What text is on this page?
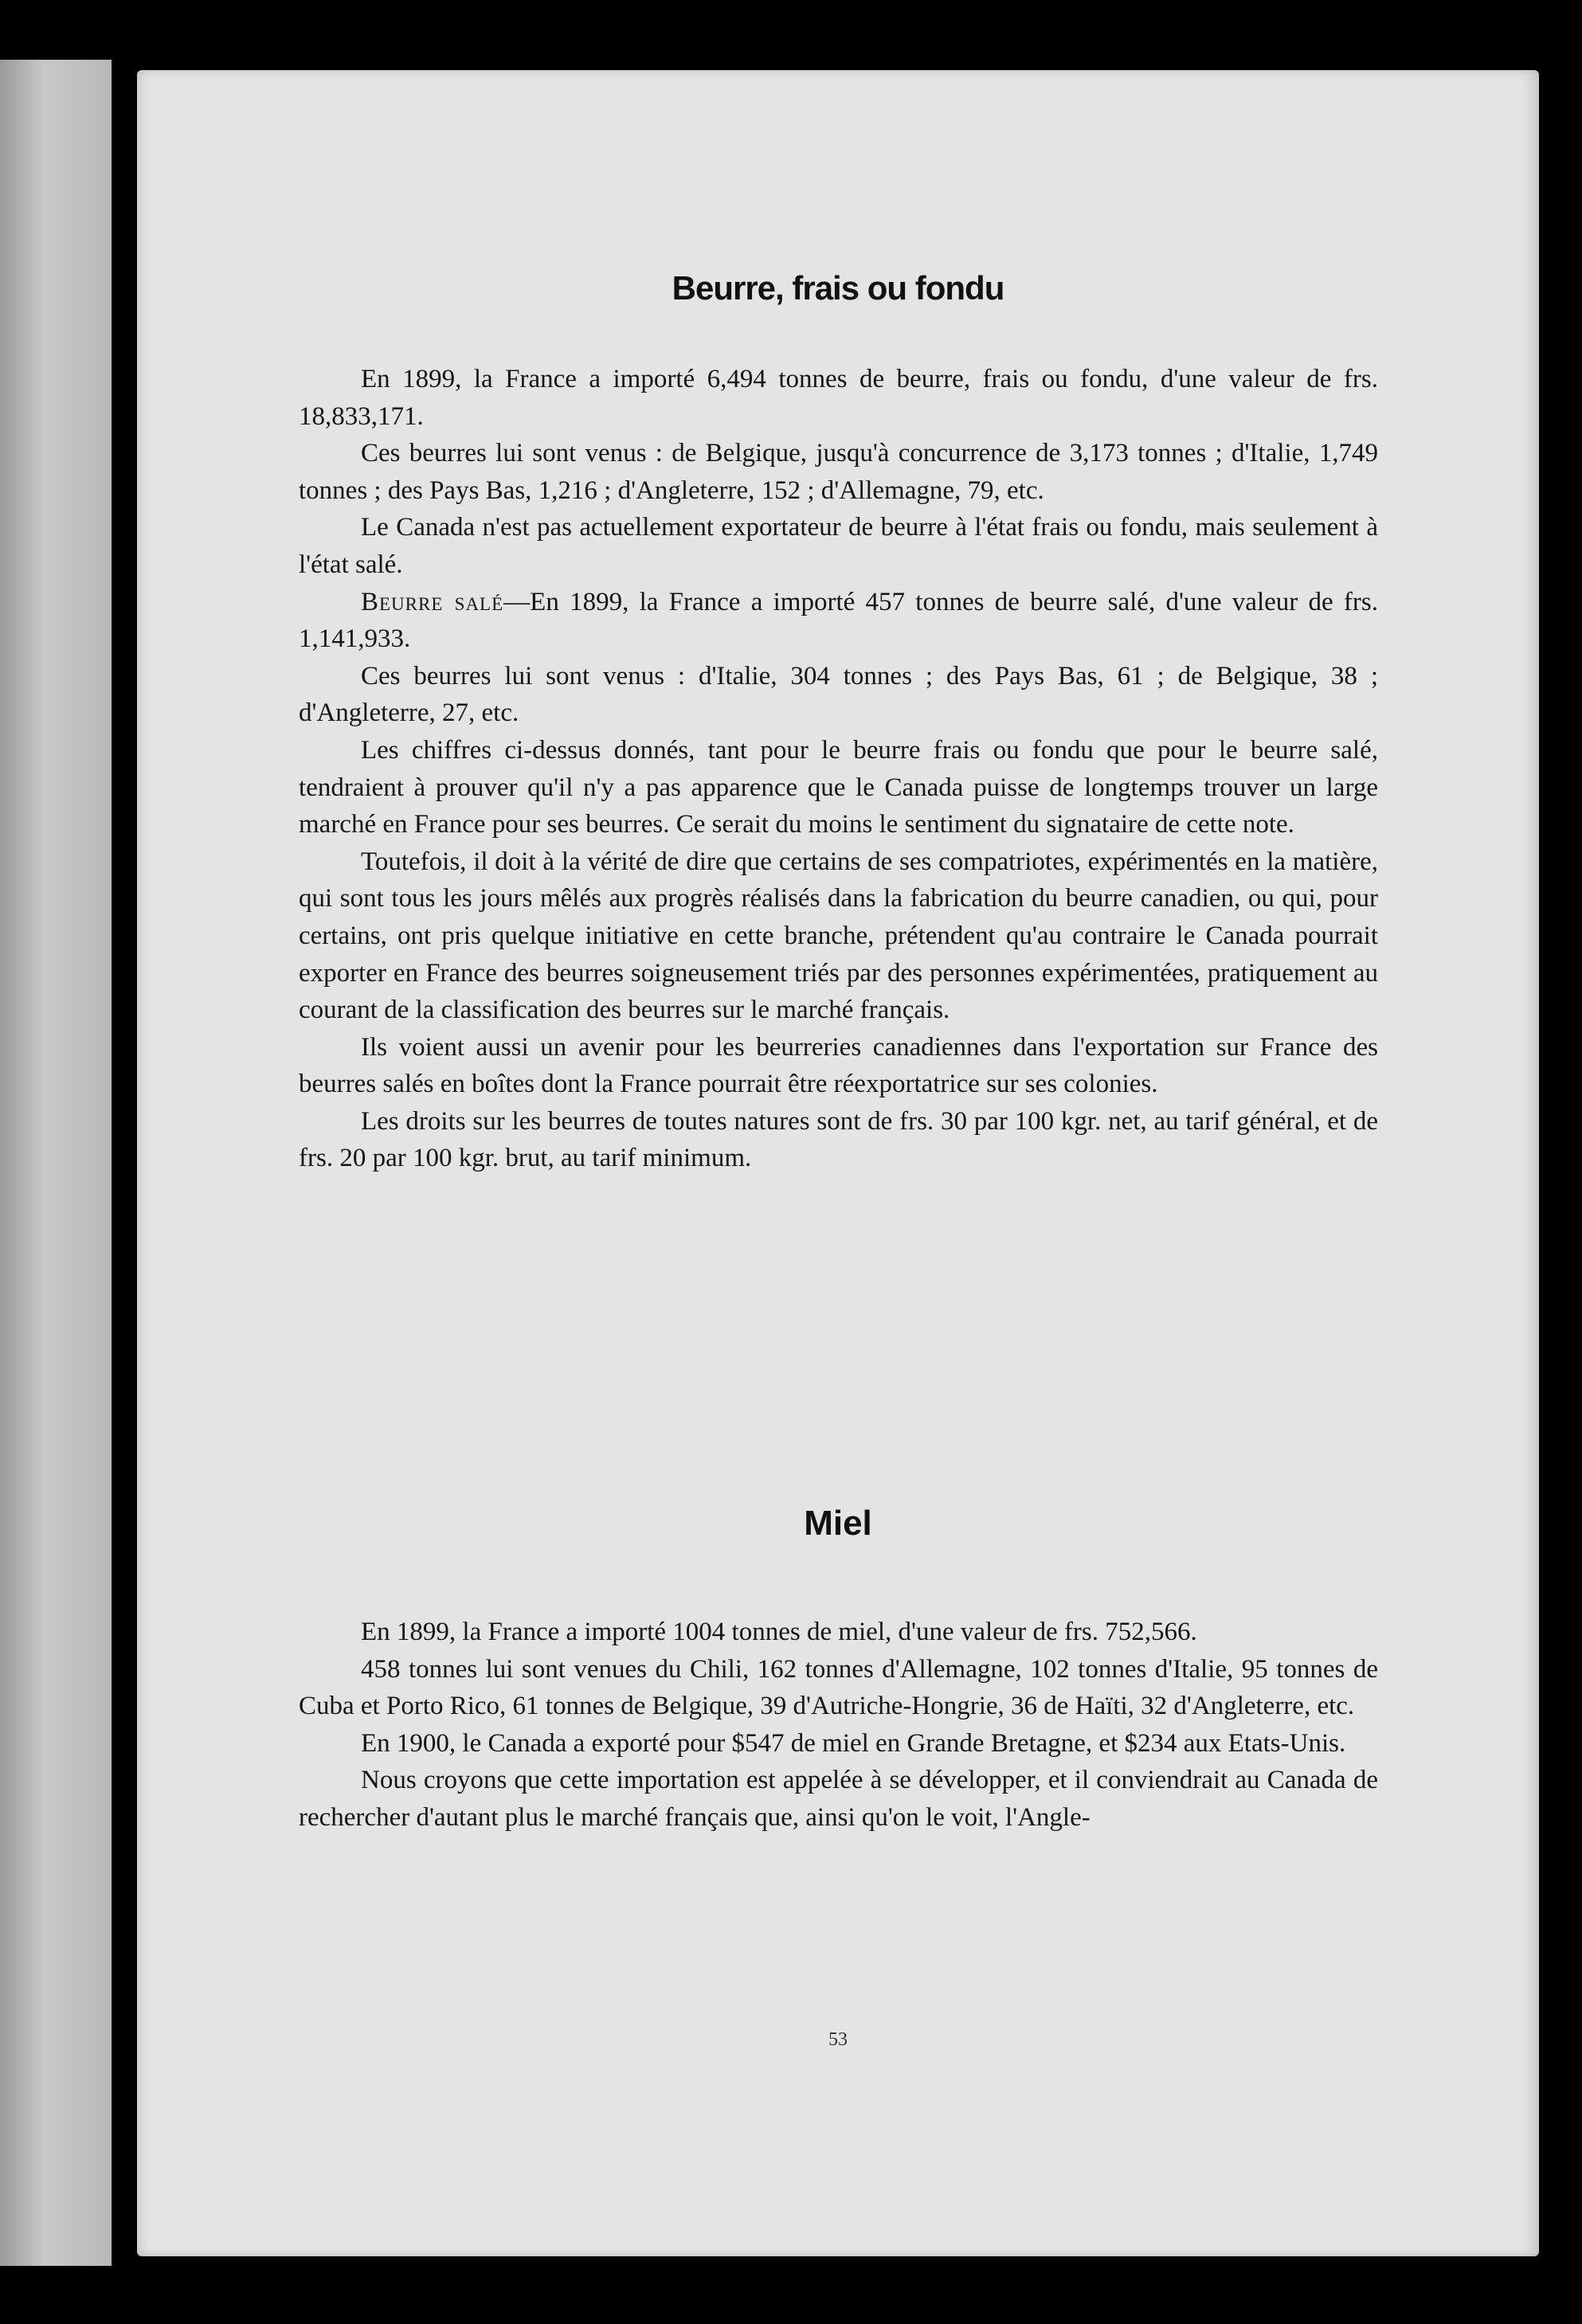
Beurre, frais ou fondu

En 1899, la France a importé 6,494 tonnes de beurre, frais ou fondu, d'une valeur de frs. 18,833,171.

Ces beurres lui sont venus : de Belgique, jusqu'à concurrence de 3,173 tonnes ; d'Italie, 1,749 tonnes ; des Pays Bas, 1,216 ; d'Angleterre, 152 ; d'Allemagne, 79, etc.

Le Canada n'est pas actuellement exportateur de beurre à l'état frais ou fondu, mais seulement à l'état salé.

Beurre salé—En 1899, la France a importé 457 tonnes de beurre salé, d'une valeur de frs. 1,141,933.

Ces beurres lui sont venus : d'Italie, 304 tonnes ; des Pays Bas, 61 ; de Belgique, 38 ; d'Angleterre, 27, etc.

Les chiffres ci-dessus donnés, tant pour le beurre frais ou fondu que pour le beurre salé, tendraient à prouver qu'il n'y a pas apparence que le Canada puisse de longtemps trouver un large marché en France pour ses beurres. Ce serait du moins le sentiment du signataire de cette note.

Toutefois, il doit à la vérité de dire que certains de ses compatriotes, expérimentés en la matière, qui sont tous les jours mêlés aux progrès réalisés dans la fabrication du beurre canadien, ou qui, pour certains, ont pris quelque initiative en cette branche, prétendent qu'au contraire le Canada pourrait exporter en France des beurres soigneusement triés par des personnes expérimentées, pratiquement au courant de la classification des beurres sur le marché français.

Ils voient aussi un avenir pour les beurreries canadiennes dans l'exportation sur France des beurres salés en boîtes dont la France pourrait être réexportatrice sur ses colonies.

Les droits sur les beurres de toutes natures sont de frs. 30 par 100 kgr. net, au tarif général, et de frs. 20 par 100 kgr. brut, au tarif minimum.

Miel

En 1899, la France a importé 1004 tonnes de miel, d'une valeur de frs. 752,566.

458 tonnes lui sont venues du Chili, 162 tonnes d'Allemagne, 102 tonnes d'Italie, 95 tonnes de Cuba et Porto Rico, 61 tonnes de Belgique, 39 d'Autriche-Hongrie, 36 de Haïti, 32 d'Angleterre, etc.

En 1900, le Canada a exporté pour $547 de miel en Grande Bretagne, et $234 aux Etats-Unis.

Nous croyons que cette importation est appelée à se développer, et il conviendrait au Canada de rechercher d'autant plus le marché français que, ainsi qu'on le voit, l'Angle-

53
